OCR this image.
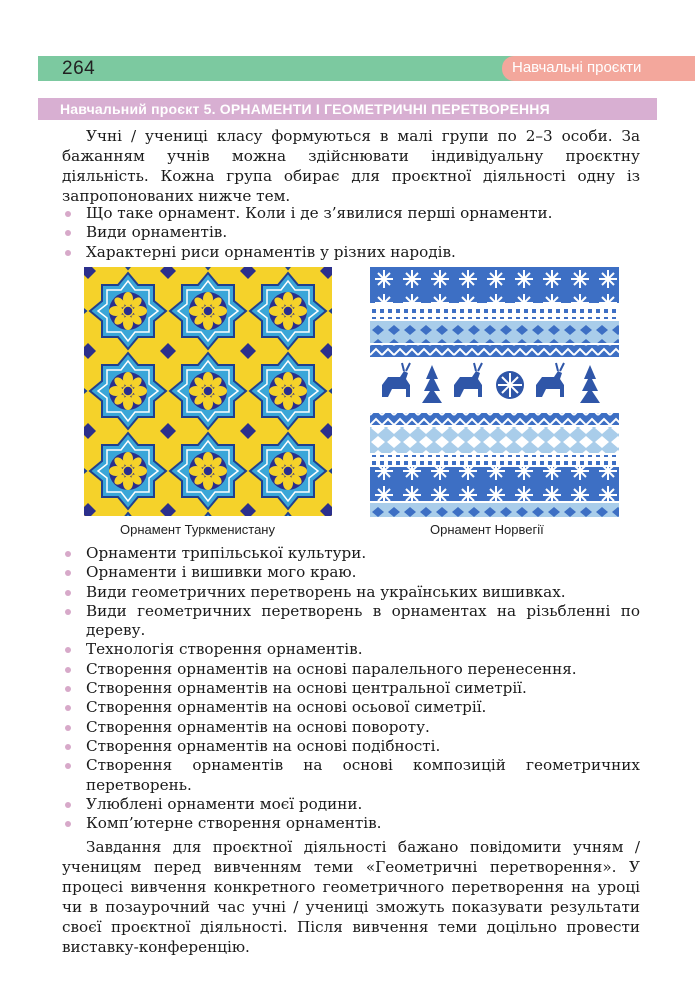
264	Навчальні проєкти
Навчальний проєкт 5. ОРНАМЕНТИ І ГЕОМЕТРИЧНІ ПЕРЕТВОРЕННЯ

Учні / учениці класу формуються в малі групи по 2–3 особи. За бажанням учнів можна здійснювати індивідуальну проєктну діяльність. Кожна група обирає для проєктної діяльності одну із запропонованих нижче тем.

Що таке орнамент. Коли і де з’явилися перші орнаменти.
Види орнаментів.
Характерні риси орнаментів у різних народів.
Орнамент Туркменистану	Орнамент Норвегії
Орнаменти трипільської культури.
Орнаменти і вишивки мого краю.
Види геометричних перетворень на українських вишивках.
Види геометричних перетворень в орнаментах на різьбленні по дереву.
Технологія створення орнаментів.
Створення орнаментів на основі паралельного перенесення.
Створення орнаментів на основі центральної симетрії.
Створення орнаментів на основі осьової симетрії.
Створення орнаментів на основі повороту.
Створення орнаментів на основі подібності.
Створення орнаментів на основі композицій геометричних перетворень.
Улюблені орнаменти моєї родини.
Комп’ютерне створення орнаментів.

Завдання для проєктної діяльності бажано повідомити учням / ученицям перед вивченням теми «Геометричні перетворення». У процесі вивчення конкретного геометричного перетворення на уроці чи в позаурочний час учні / учениці зможуть показувати результати своєї проєктної діяльності. Після вивчення теми доцільно провести виставку-конференцію.
